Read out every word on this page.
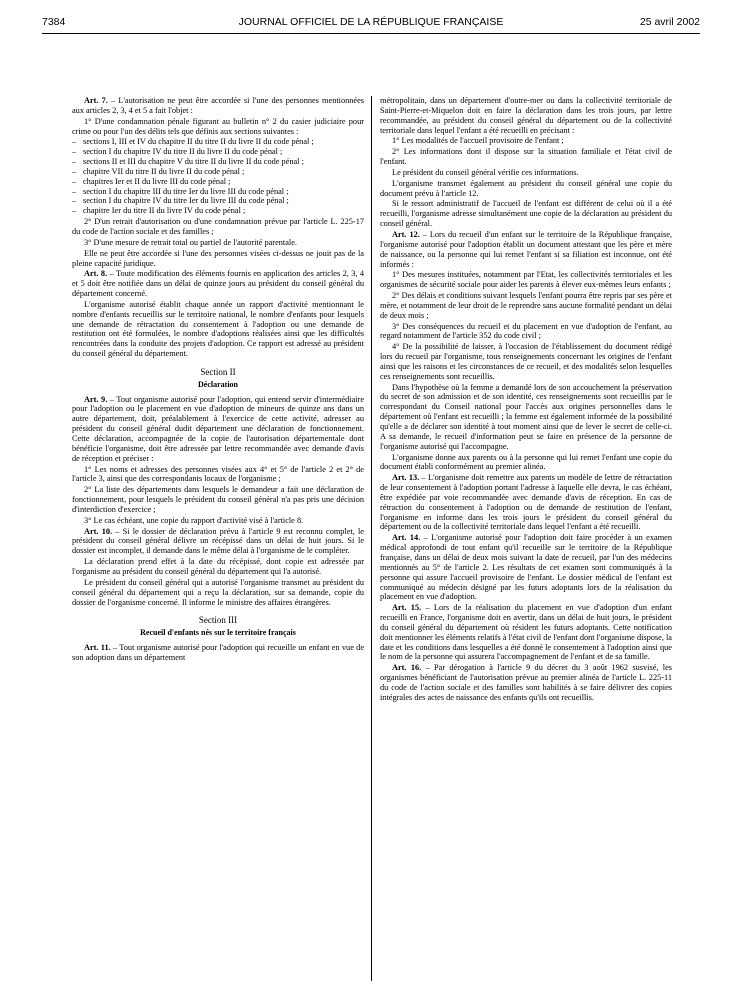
7384	JOURNAL OFFICIEL DE LA RÉPUBLIQUE FRANÇAISE	25 avril 2002

Art. 7. – L'autorisation ne peut être accordée si l'une des personnes mentionnées aux articles 2, 3, 4 et 5 a fait l'objet :

1° D'une condamnation pénale figurant au bulletin n° 2 du casier judiciaire pour crime ou pour l'un des délits tels que définis aux sections suivantes :

– sections I, III et IV du chapitre II du titre II du livre II du code pénal ;
– section I du chapitre IV du titre II du livre II du code pénal ;
– sections II et III du chapitre V du titre II du livre II du code pénal ;
– chapitre VII du titre II du livre II du code pénal ;
– chapitres Ier et II du livre III du code pénal ;
– section I du chapitre III du titre Ier du livre III du code pénal ;
– section I du chapitre IV du titre Ier du livre III du code pénal ;
– chapitre Ier du titre II du livre IV du code pénal ;

2° D'un retrait d'autorisation ou d'une condamnation prévue par l'article L. 225-17 du code de l'action sociale et des familles ;

3° D'une mesure de retrait total ou partiel de l'autorité parentale.

Elle ne peut être accordée si l'une des personnes visées ci-dessus ne jouit pas de la pleine capacité juridique.

Art. 8. – Toute modification des éléments fournis en application des articles 2, 3, 4 et 5 doit être notifiée dans un délai de quinze jours au président du conseil général du département concerné.

L'organisme autorisé établit chaque année un rapport d'activité mentionnant le nombre d'enfants recueillis sur le territoire national, le nombre d'enfants pour lesquels une demande de rétractation du consentement à l'adoption ou une demande de restitution ont été formulées, le nombre d'adoptions réalisées ainsi que les difficultés rencontrées dans la conduite des projets d'adoption. Ce rapport est adressé au président du conseil général du département.

Section II
Déclaration

Art. 9. – Tout organisme autorisé pour l'adoption, qui entend servir d'intermédiaire pour l'adoption ou le placement en vue d'adoption de mineurs de quinze ans dans un autre département, doit, préalablement à l'exercice de cette activité, adresser au président du conseil général dudit département une déclaration de fonctionnement. Cette déclaration, accompagnée de la copie de l'autorisation départementale dont bénéficie l'organisme, doit être adressée par lettre recommandée avec demande d'avis de réception et préciser :

1° Les noms et adresses des personnes visées aux 4° et 5° de l'article 2 et 2° de l'article 3, ainsi que des correspondants locaux de l'organisme ;

2° La liste des départements dans lesquels le demandeur a fait une déclaration de fonctionnement, pour lesquels le président du conseil général n'a pas pris une décision d'interdiction d'exercice ;

3° Le cas échéant, une copie du rapport d'activité visé à l'article 8.

Art. 10. – Si le dossier de déclaration prévu à l'article 9 est reconnu complet, le président du conseil général délivre un récépissé dans un délai de huit jours. Si le dossier est incomplet, il demande dans le même délai à l'organisme de le compléter.

La déclaration prend effet à la date du récépissé, dont copie est adressée par l'organisme au président du conseil général du département qui l'a autorisé.

Le président du conseil général qui a autorisé l'organisme transmet au président du conseil général du département qui a reçu la déclaration, sur sa demande, copie du dossier de l'organisme concerné. Il informe le ministre des affaires étrangères.

Section III
Recueil d'enfants nés sur le territoire français

Art. 11. – Tout organisme autorisé pour l'adoption qui recueille un enfant en vue de son adoption dans un département

métropolitain, dans un département d'outre-mer ou dans la collectivité territoriale de Saint-Pierre-et-Miquelon doit en faire la déclaration dans les trois jours, par lettre recommandée, au président du conseil général du département ou de la collectivité territoriale dans lequel l'enfant a été recueilli en précisant :

1° Les modalités de l'accueil provisoire de l'enfant ;

2° Les informations dont il dispose sur la situation familiale et l'état civil de l'enfant.

Le président du conseil général vérifie ces informations.

L'organisme transmet également au président du conseil général une copie du document prévu à l'article 12.

Si le ressort administratif de l'accueil de l'enfant est différent de celui où il a été recueilli, l'organisme adresse simultanément une copie de la déclaration au président du conseil général.

Art. 12. – Lors du recueil d'un enfant sur le territoire de la République française, l'organisme autorisé pour l'adoption établit un document attestant que les père et mère de naissance, ou la personne qui lui remet l'enfant si sa filiation est inconnue, ont été informés :

1° Des mesures instituées, notamment par l'Etat, les collectivités territoriales et les organismes de sécurité sociale pour aider les parents à élever eux-mêmes leurs enfants ;

2° Des délais et conditions suivant lesquels l'enfant pourra être repris par ses père et mère, et notamment de leur droit de le reprendre sans aucune formalité pendant un délai de deux mois ;

3° Des conséquences du recueil et du placement en vue d'adoption de l'enfant, au regard notamment de l'article 352 du code civil ;

4° De la possibilité de laisser, à l'occasion de l'établissement du document rédigé lors du recueil par l'organisme, tous renseignements concernant les origines de l'enfant ainsi que les raisons et les circonstances de ce recueil, et des modalités selon lesquelles ces renseignements sont recueillis.

Dans l'hypothèse où la femme a demandé lors de son accouchement la préservation du secret de son admission et de son identité, ces renseignements sont recueillis par le correspondant du Conseil national pour l'accès aux origines personnelles dans le département où l'enfant est recueilli ; la femme est également informée de la possibilité qu'elle a de déclarer son identité à tout moment ainsi que de lever le secret de celle-ci. A sa demande, le recueil d'information peut se faire en présence de la personne de l'organisme autorisé qui l'accompagne.

L'organisme donne aux parents ou à la personne qui lui remet l'enfant une copie du document établi conformément au premier alinéa.

Art. 13. – L'organisme doit remettre aux parents un modèle de lettre de rétractation de leur consentement à l'adoption portant l'adresse à laquelle elle devra, le cas échéant, être expédiée par voie recommandée avec demande d'avis de réception. En cas de rétraction du consentement à l'adoption ou de demande de restitution de l'enfant, l'organisme en informe dans les trois jours le président du conseil général du département ou de la collectivité territoriale dans lequel l'enfant a été recueilli.

Art. 14. – L'organisme autorisé pour l'adoption doit faire procéder à un examen médical approfondi de tout enfant qu'il recueille sur le territoire de la République française, dans un délai de deux mois suivant la date de recueil, par l'un des médecins mentionnés au 5° de l'article 2. Les résultats de cet examen sont communiqués à la personne qui assure l'accueil provisoire de l'enfant. Le dossier médical de l'enfant est communiqué au médecin désigné par les futurs adoptants lors de la réalisation du placement en vue d'adoption.

Art. 15. – Lors de la réalisation du placement en vue d'adoption d'un enfant recueilli en France, l'organisme doit en avertir, dans un délai de huit jours, le président du conseil général du département où résident les futurs adoptants. Cette notification doit mentionner les éléments relatifs à l'état civil de l'enfant dont l'organisme dispose, la date et les conditions dans lesquelles a été donné le consentement à l'adoption ainsi que le nom de la personne qui assurera l'accompagnement de l'enfant et de sa famille.

Art. 16. – Par dérogation à l'article 9 du décret du 3 août 1962 susvisé, les organismes bénéficiant de l'autorisation prévue au premier alinéa de l'article L. 225-11 du code de l'action sociale et des familles sont habilités à se faire délivrer des copies intégrales des actes de naissance des enfants qu'ils ont recueillis.
